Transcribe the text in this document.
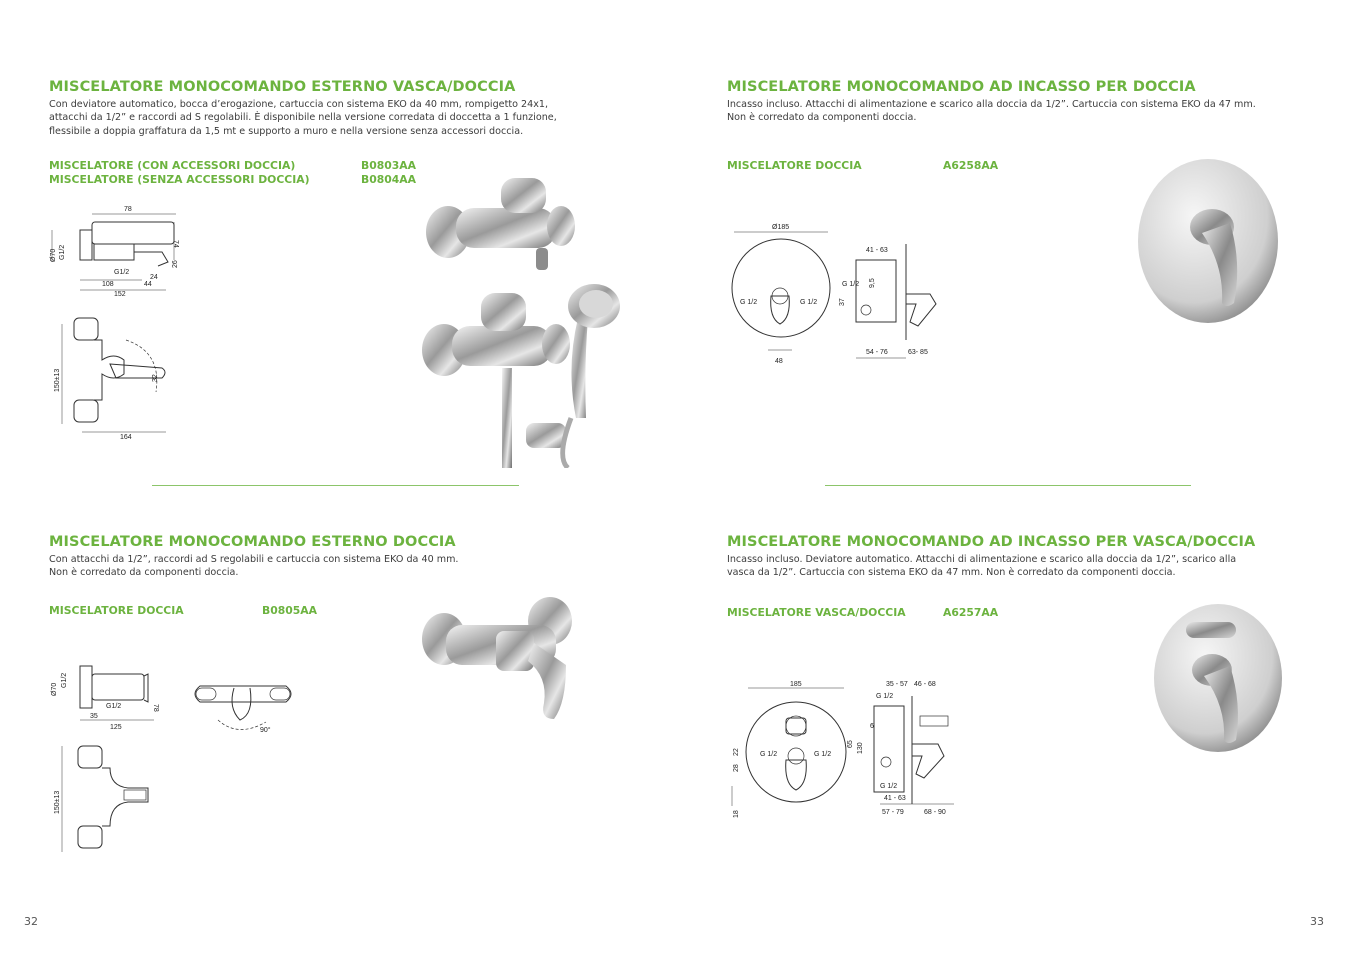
MISCELATORE MONOCOMANDO ESTERNO VASCA/DOCCIA
Con deviatore automatico, bocca d’erogazione, cartuccia con sistema EKO da 40 mm, rompigetto 24x1,
attacchi da 1/2” e raccordi ad S regolabili. È disponibile nella versione corredata di doccetta a 1 funzione,
flessibile a doppia graffatura da 1,5 mt e supporto a muro e nella versione senza accessori doccia.
MISCELATORE (CON ACCESSORI DOCCIA)	B0803AA
MISCELATORE (SENZA ACCESSORI DOCCIA)	B0804AA
78
74
Ø70 G1/2
G1/2
26
24
108	44
152
150±13	32
164
MISCELATORE MONOCOMANDO AD INCASSO PER DOCCIA
Incasso incluso. Attacchi di alimentazione e scarico alla doccia da 1/2”. Cartuccia con sistema EKO da 47 mm.
Non è corredato da componenti doccia.
MISCELATORE DOCCIA	A6258AA
Ø185
G 1/2	G 1/2
48
41 - 63
G 1/2 9,5
37
54 - 76	63- 85
MISCELATORE MONOCOMANDO ESTERNO DOCCIA
Con attacchi da 1/2”, raccordi ad S regolabili e cartuccia con sistema EKO da 40 mm.
Non è corredato da componenti doccia.
MISCELATORE DOCCIA	B0805AA
Ø70
G1/2
G1/2
35
78
125	90°
150±13
MISCELATORE MONOCOMANDO AD INCASSO PER VASCA/DOCCIA
Incasso incluso. Deviatore automatico. Attacchi di alimentazione e scarico alla doccia da 1/2”, scarico alla
vasca da 1/2”. Cartuccia con sistema EKO da 47 mm. Non è corredato da componenti doccia.
MISCELATORE VASCA/DOCCIA	A6257AA
185
G 1/2	G 1/2
28
22
18
35 - 57 46 - 68
G 1/2
6
65 130
G 1/2
41 - 63
57 - 79	68 - 90
32	33
